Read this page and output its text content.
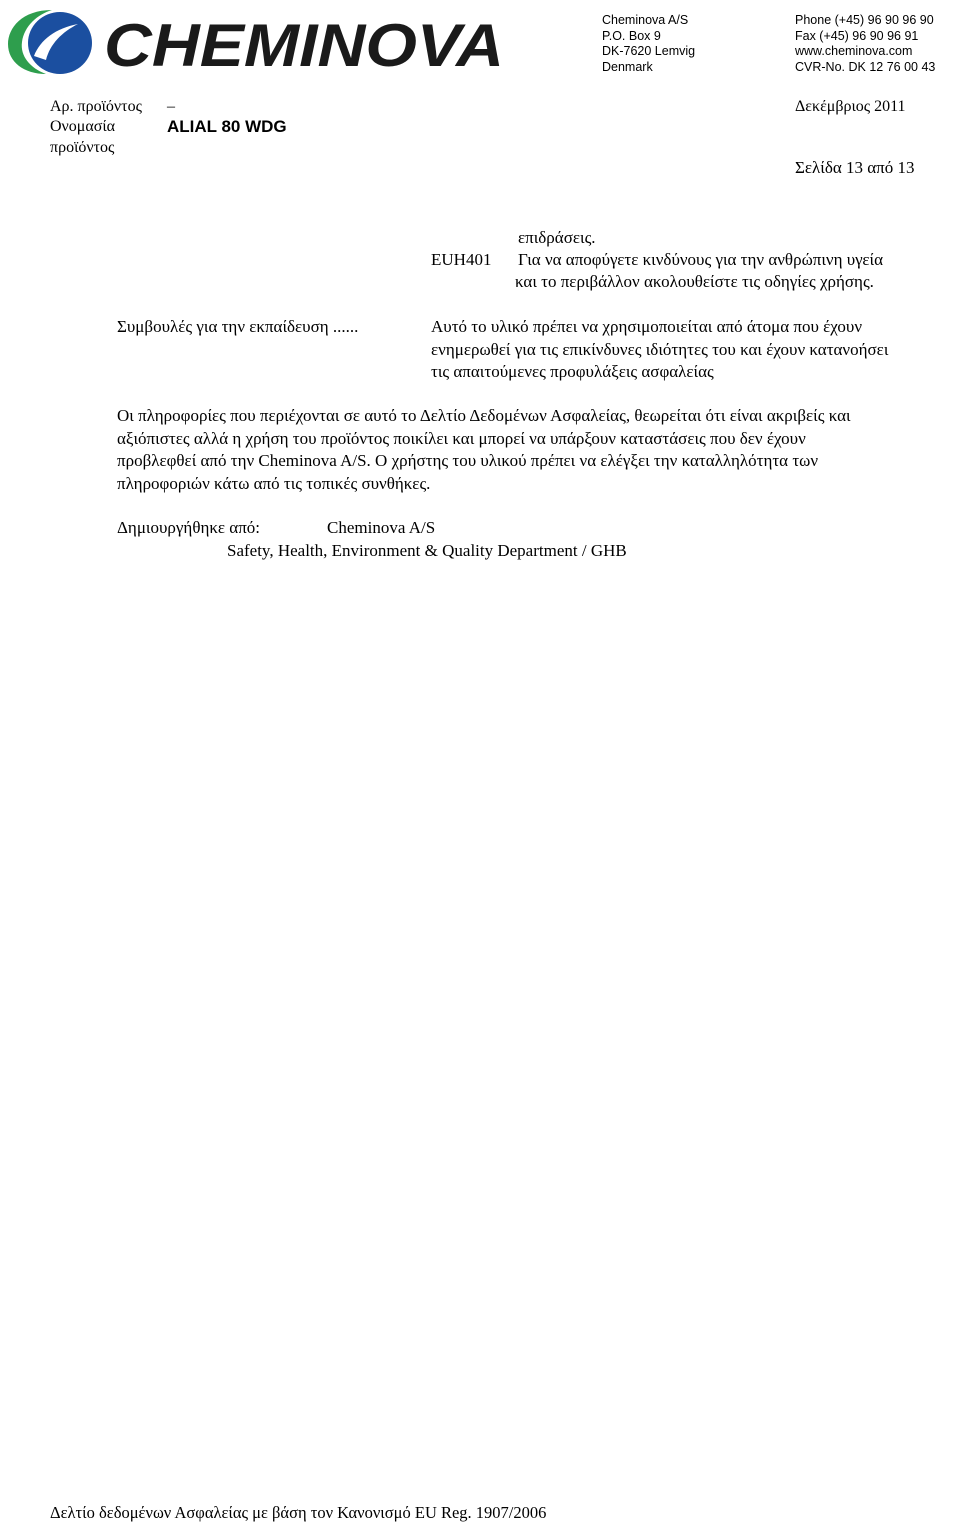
CHEMINOVA	Cheminova A/S
P.O. Box 9
DK-7620 Lemvig
Denmark
Phone (+45) 96 90 96 90
Fax (+45) 96 90 96 91
www.cheminova.com
CVR-No. DK 12 76 00 43
Αρ. προϊόντος –
Ονομασία
προϊόντος
ALIAL 80 WDG
Δεκέμβριος 2011
Σελίδα 13 από 13
επιδράσεις.
EUH401 Για να αποφύγετε κινδύνους για την ανθρώπινη υγεία
και το περιβάλλον ακολουθείστε τις οδηγίες χρήσης.
Συμβουλές για την εκπαίδευση ......	Αυτό το υλικό πρέπει να χρησιμοποιείται από άτομα που έχουν
ενημερωθεί για τις επικίνδυνες ιδιότητες του και έχουν κατανοήσει
τις απαιτούμενες προφυλάξεις ασφαλείας
Οι πληροφορίες που περιέχονται σε αυτό το Δελτίο Δεδομένων Ασφαλείας, θεωρείται ότι είναι ακριβείς και
αξιόπιστες αλλά η χρήση του προϊόντος ποικίλει και μπορεί να υπάρξουν καταστάσεις που δεν έχουν
προβλεφθεί από την Cheminova A/S. Ο χρήστης του υλικού πρέπει να ελέγξει την καταλληλότητα των
πληροφοριών κάτω από τις τοπικές συνθήκες.
Δημιουργήθηκε από:	Cheminova A/S
Safety, Health, Environment & Quality Department / GHB
Δελτίο δεδομένων Ασφαλείας με βάση τον Κανονισμό EU Reg. 1907/2006
